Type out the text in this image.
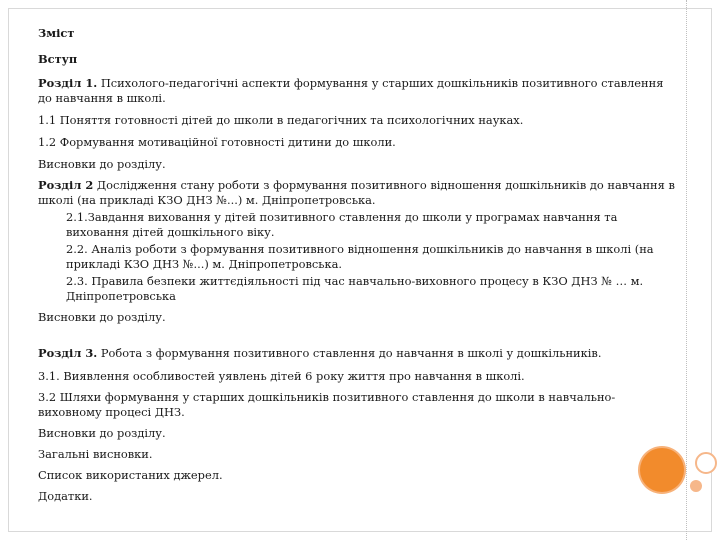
Зміст

Вступ

Розділ 1. Психолого-педагогічні аспекти формування у старших дошкільників позитивного ставлення до навчання в школі.

1.1 Поняття готовності дітей до школи в педагогічних та психологічних науках.

1.2 Формування мотиваційної готовності дитини до школи.

Висновки до розділу.

Розділ 2 Дослідження стану роботи з формування позитивного відношення дошкільників до навчання в школі (на прикладі КЗО ДНЗ №...) м. Дніпропетровська.

2.1.Завдання виховання у дітей позитивного ставлення до школи у програмах навчання та виховання дітей дошкільного віку.

2.2. Аналіз роботи з формування позитивного відношення дошкільників до навчання в школі (на прикладі КЗО ДНЗ №...) м. Дніпропетровська.

2.3. Правила безпеки життєдіяльності під час навчально-виховного процесу в КЗО ДНЗ № … м. Дніпропетровська

Висновки до розділу.

Розділ 3. Робота з формування позитивного ставлення до навчання в школі у дошкільників.

3.1. Виявлення особливостей уявлень дітей 6 року життя про навчання в школі.

3.2 Шляхи формування у старших дошкільників позитивного ставлення до школи в навчально-виховному процесі ДНЗ.

Висновки до розділу.

Загальні висновки.

Список використаних джерел.

Додатки.
